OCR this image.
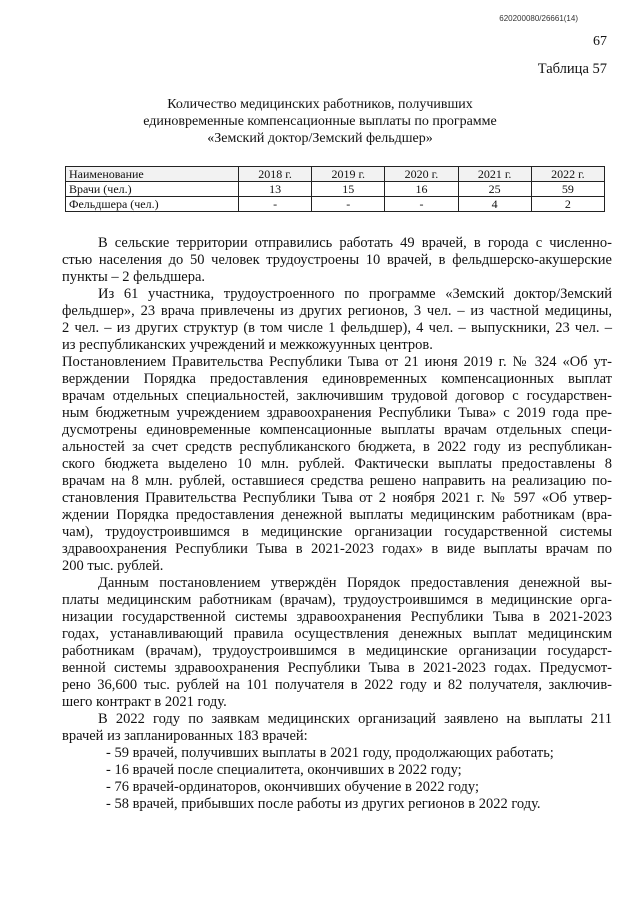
620200080/26661(14)
67
Таблица 57
Количество медицинских работников, получивших
единовременные компенсационные выплаты по программе
«Земский доктор/Земский фельдшер»
Наименование	2018 г.	2019 г.	2020 г.	2021 г.	2022 г.
Врачи (чел.)	13	15	16	25	59
Фельдшера (чел.)	-	-	-	4	2
В сельские территории отправились работать 49 врачей, в города с численно-
стью населения до 50 человек трудоустроены 10 врачей, в фельдшерско-акушерские
пункты – 2 фельдшера.
Из 61 участника, трудоустроенного по программе «Земский доктор/Земский
фельдшер», 23 врача привлечены из других регионов, 3 чел. – из частной медицины,
2 чел. – из других структур (в том числе 1 фельдшер), 4 чел. – выпускники, 23 чел. –
из республиканских учреждений и межкожуунных центров.
Постановлением Правительства Республики Тыва от 21 июня 2019 г. № 324 «Об ут-
верждении Порядка предоставления единовременных компенсационных выплат
врачам отдельных специальностей, заключившим трудовой договор с государствен-
ным бюджетным учреждением здравоохранения Республики Тыва» с 2019 года пре-
дусмотрены единовременные компенсационные выплаты врачам отдельных специ-
альностей за счет средств республиканского бюджета, в 2022 году из республикан-
ского бюджета выделено 10 млн. рублей. Фактически выплаты предоставлены 8
врачам на 8 млн. рублей, оставшиеся средства решено направить на реализацию по-
становления Правительства Республики Тыва от 2 ноября 2021 г. № 597 «Об утвер-
ждении Порядка предоставления денежной выплаты медицинским работникам (вра-
чам), трудоустроившимся в медицинские организации государственной системы
здравоохранения Республики Тыва в 2021-2023 годах» в виде выплаты врачам по
200 тыс. рублей.
Данным постановлением утверждён Порядок предоставления денежной вы-
платы медицинским работникам (врачам), трудоустроившимся в медицинские орга-
низации государственной системы здравоохранения Республики Тыва в 2021-2023
годах, устанавливающий правила осуществления денежных выплат медицинским
работникам (врачам), трудоустроившимся в медицинские организации государст-
венной системы здравоохранения Республики Тыва в 2021-2023 годах. Предусмот-
рено 36,600 тыс. рублей на 101 получателя в 2022 году и 82 получателя, заключив-
шего контракт в 2021 году.
В 2022 году по заявкам медицинских организаций заявлено на выплаты 211
врачей из запланированных 183 врачей:
- 59 врачей, получивших выплаты в 2021 году, продолжающих работать;
- 16 врачей после специалитета, окончивших в 2022 году;
- 76 врачей-ординаторов, окончивших обучение в 2022 году;
- 58 врачей, прибывших после работы из других регионов в 2022 году.
